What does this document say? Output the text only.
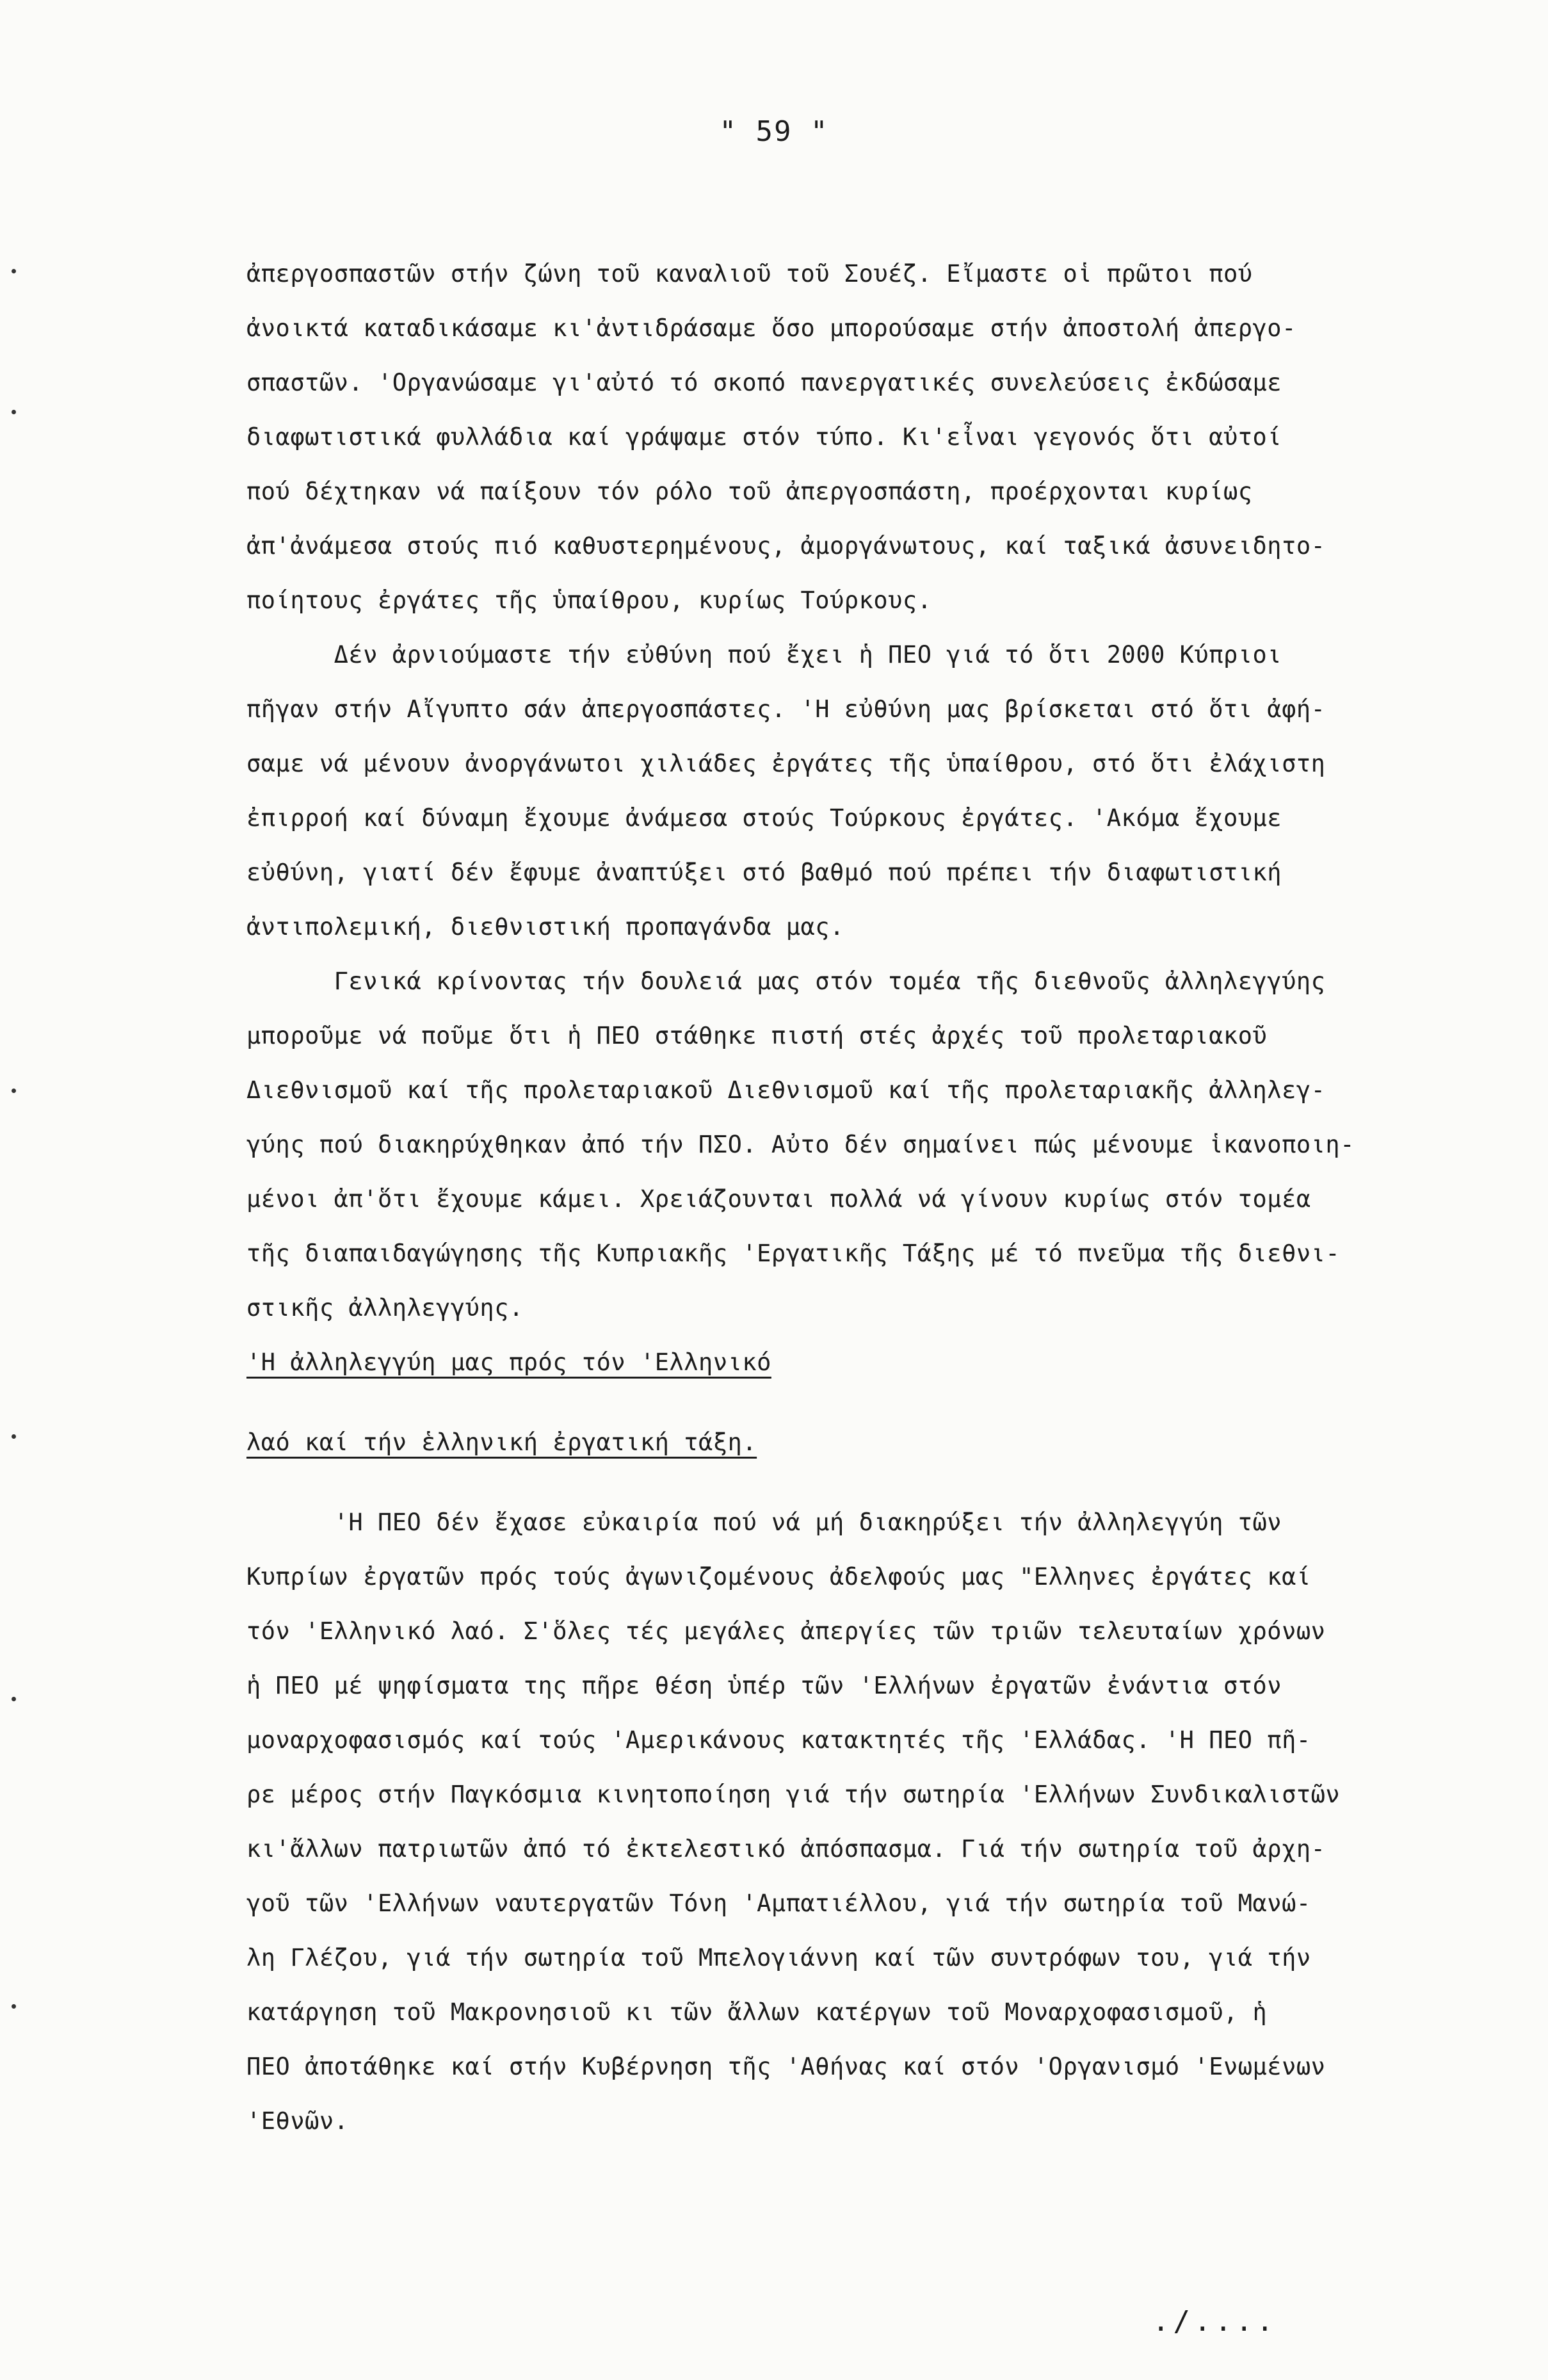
" 59 "
ἀπεργοσπαστῶν στήν ζώνη τοῦ καναλιοῦ τοῦ Σουέζ. Εἴμαστε οἱ πρῶτοι πού
ἀνοικτά καταδικάσαμε κι'ἀντιδράσαμε ὅσο μπορούσαμε στήν ἀποστολή ἀπεργο-
σπαστῶν. 'Οργανώσαμε γι'αὐτό τό σκοπό πανεργατικές συνελεύσεις ἐκδώσαμε
διαφωτιστικά φυλλάδια καί γράψαμε στόν τύπο. Κι'εἶναι γεγονός ὅτι αὐτοί
πού δέχτηκαν νά παίξουν τόν ρόλο τοῦ ἀπεργοσπάστη, προέρχονται κυρίως
ἀπ'ἀνάμεσα στούς πιό καθυστερημένους, ἀμοργάνωτους, καί ταξικά ἀσυνειδητο-
ποίητους ἐργάτες τῆς ὑπαίθρου, κυρίως Τούρκους.
Δέν ἀρνιούμαστε τήν εὐθύνη πού ἔχει ἡ ΠΕΟ γιά τό ὅτι 2000 Κύπριοι
πῆγαν στήν Αἴγυπτο σάν ἀπεργοσπάστες. 'Η εὐθύνη μας βρίσκεται στό ὅτι ἀφή-
σαμε νά μένουν ἀνοργάνωτοι χιλιάδες ἐργάτες τῆς ὑπαίθρου, στό ὅτι ἐλάχιστη
ἐπιρροή καί δύναμη ἔχουμε ἀνάμεσα στούς Τούρκους ἐργάτες. 'Ακόμα ἔχουμε
εὐθύνη, γιατί δέν ἔφυμε ἀναπτύξει στό βαθμό πού πρέπει τήν διαφωτιστική
ἀντιπολεμική, διεθνιστική προπαγάνδα μας.
Γενικά κρίνοντας τήν δουλειά μας στόν τομέα τῆς διεθνοῦς ἀλληλεγγύης
μποροῦμε νά ποῦμε ὅτι ἡ ΠΕΟ στάθηκε πιστή στές ἀρχές τοῦ προλεταριακοῦ
Διεθνισμοῦ καί τῆς προλεταριακοῦ Διεθνισμοῦ καί τῆς προλεταριακῆς ἀλληλεγ-
γύης πού διακηρύχθηκαν ἀπό τήν ΠΣΟ. Αὐτο δέν σημαίνει πώς μένουμε ἱκανοποιη-
μένοι ἀπ'ὅτι ἔχουμε κάμει. Χρειάζουνται πολλά νά γίνουν κυρίως στόν τομέα
τῆς διαπαιδαγώγησης τῆς Κυπριακῆς 'Εργατικῆς Τάξης μέ τό πνεῦμα τῆς διεθνι-
στικῆς ἀλληλεγγύης.
'Η ἀλληλεγγύη μας πρός τόν 'Ελληνικό
λαό καί τήν ἑλληνική ἐργατική τάξη.
'Η ΠΕΟ δέν ἔχασε εὐκαιρία πού νά μή διακηρύξει τήν ἀλληλεγγύη τῶν
Κυπρίων ἐργατῶν πρός τούς ἀγωνιζομένους ἀδελφούς μας "Ελληνες ἐργάτες καί
τόν 'Ελληνικό λαό. Σ'ὅλες τές μεγάλες ἀπεργίες τῶν τριῶν τελευταίων χρόνων
ἡ ΠΕΟ μέ ψηφίσματα της πῆρε θέση ὑπέρ τῶν 'Ελλήνων ἐργατῶν ἐνάντια στόν
μοναρχοφασισμός καί τούς 'Αμερικάνους κατακτητές τῆς 'Ελλάδας. 'Η ΠΕΟ πῆ-
ρε μέρος στήν Παγκόσμια κινητοποίηση γιά τήν σωτηρία 'Ελλήνων Συνδικαλιστῶν
κι'ἄλλων πατριωτῶν ἀπό τό ἐκτελεστικό ἀπόσπασμα. Γιά τήν σωτηρία τοῦ ἀρχη-
γοῦ τῶν 'Ελλήνων ναυτεργατῶν Τόνη 'Αμπατιέλλου, γιά τήν σωτηρία τοῦ Μανώ-
λη Γλέζου, γιά τήν σωτηρία τοῦ Μπελογιάννη καί τῶν συντρόφων του, γιά τήν
κατάργηση τοῦ Μακρονησιοῦ κι τῶν ἄλλων κατέργων τοῦ Μοναρχοφασισμοῦ, ἡ
ΠΕΟ ἀποτάθηκε καί στήν Κυβέρνηση τῆς 'Αθήνας καί στόν 'Οργανισμό 'Ενωμένων
'Εθνῶν.
./....
